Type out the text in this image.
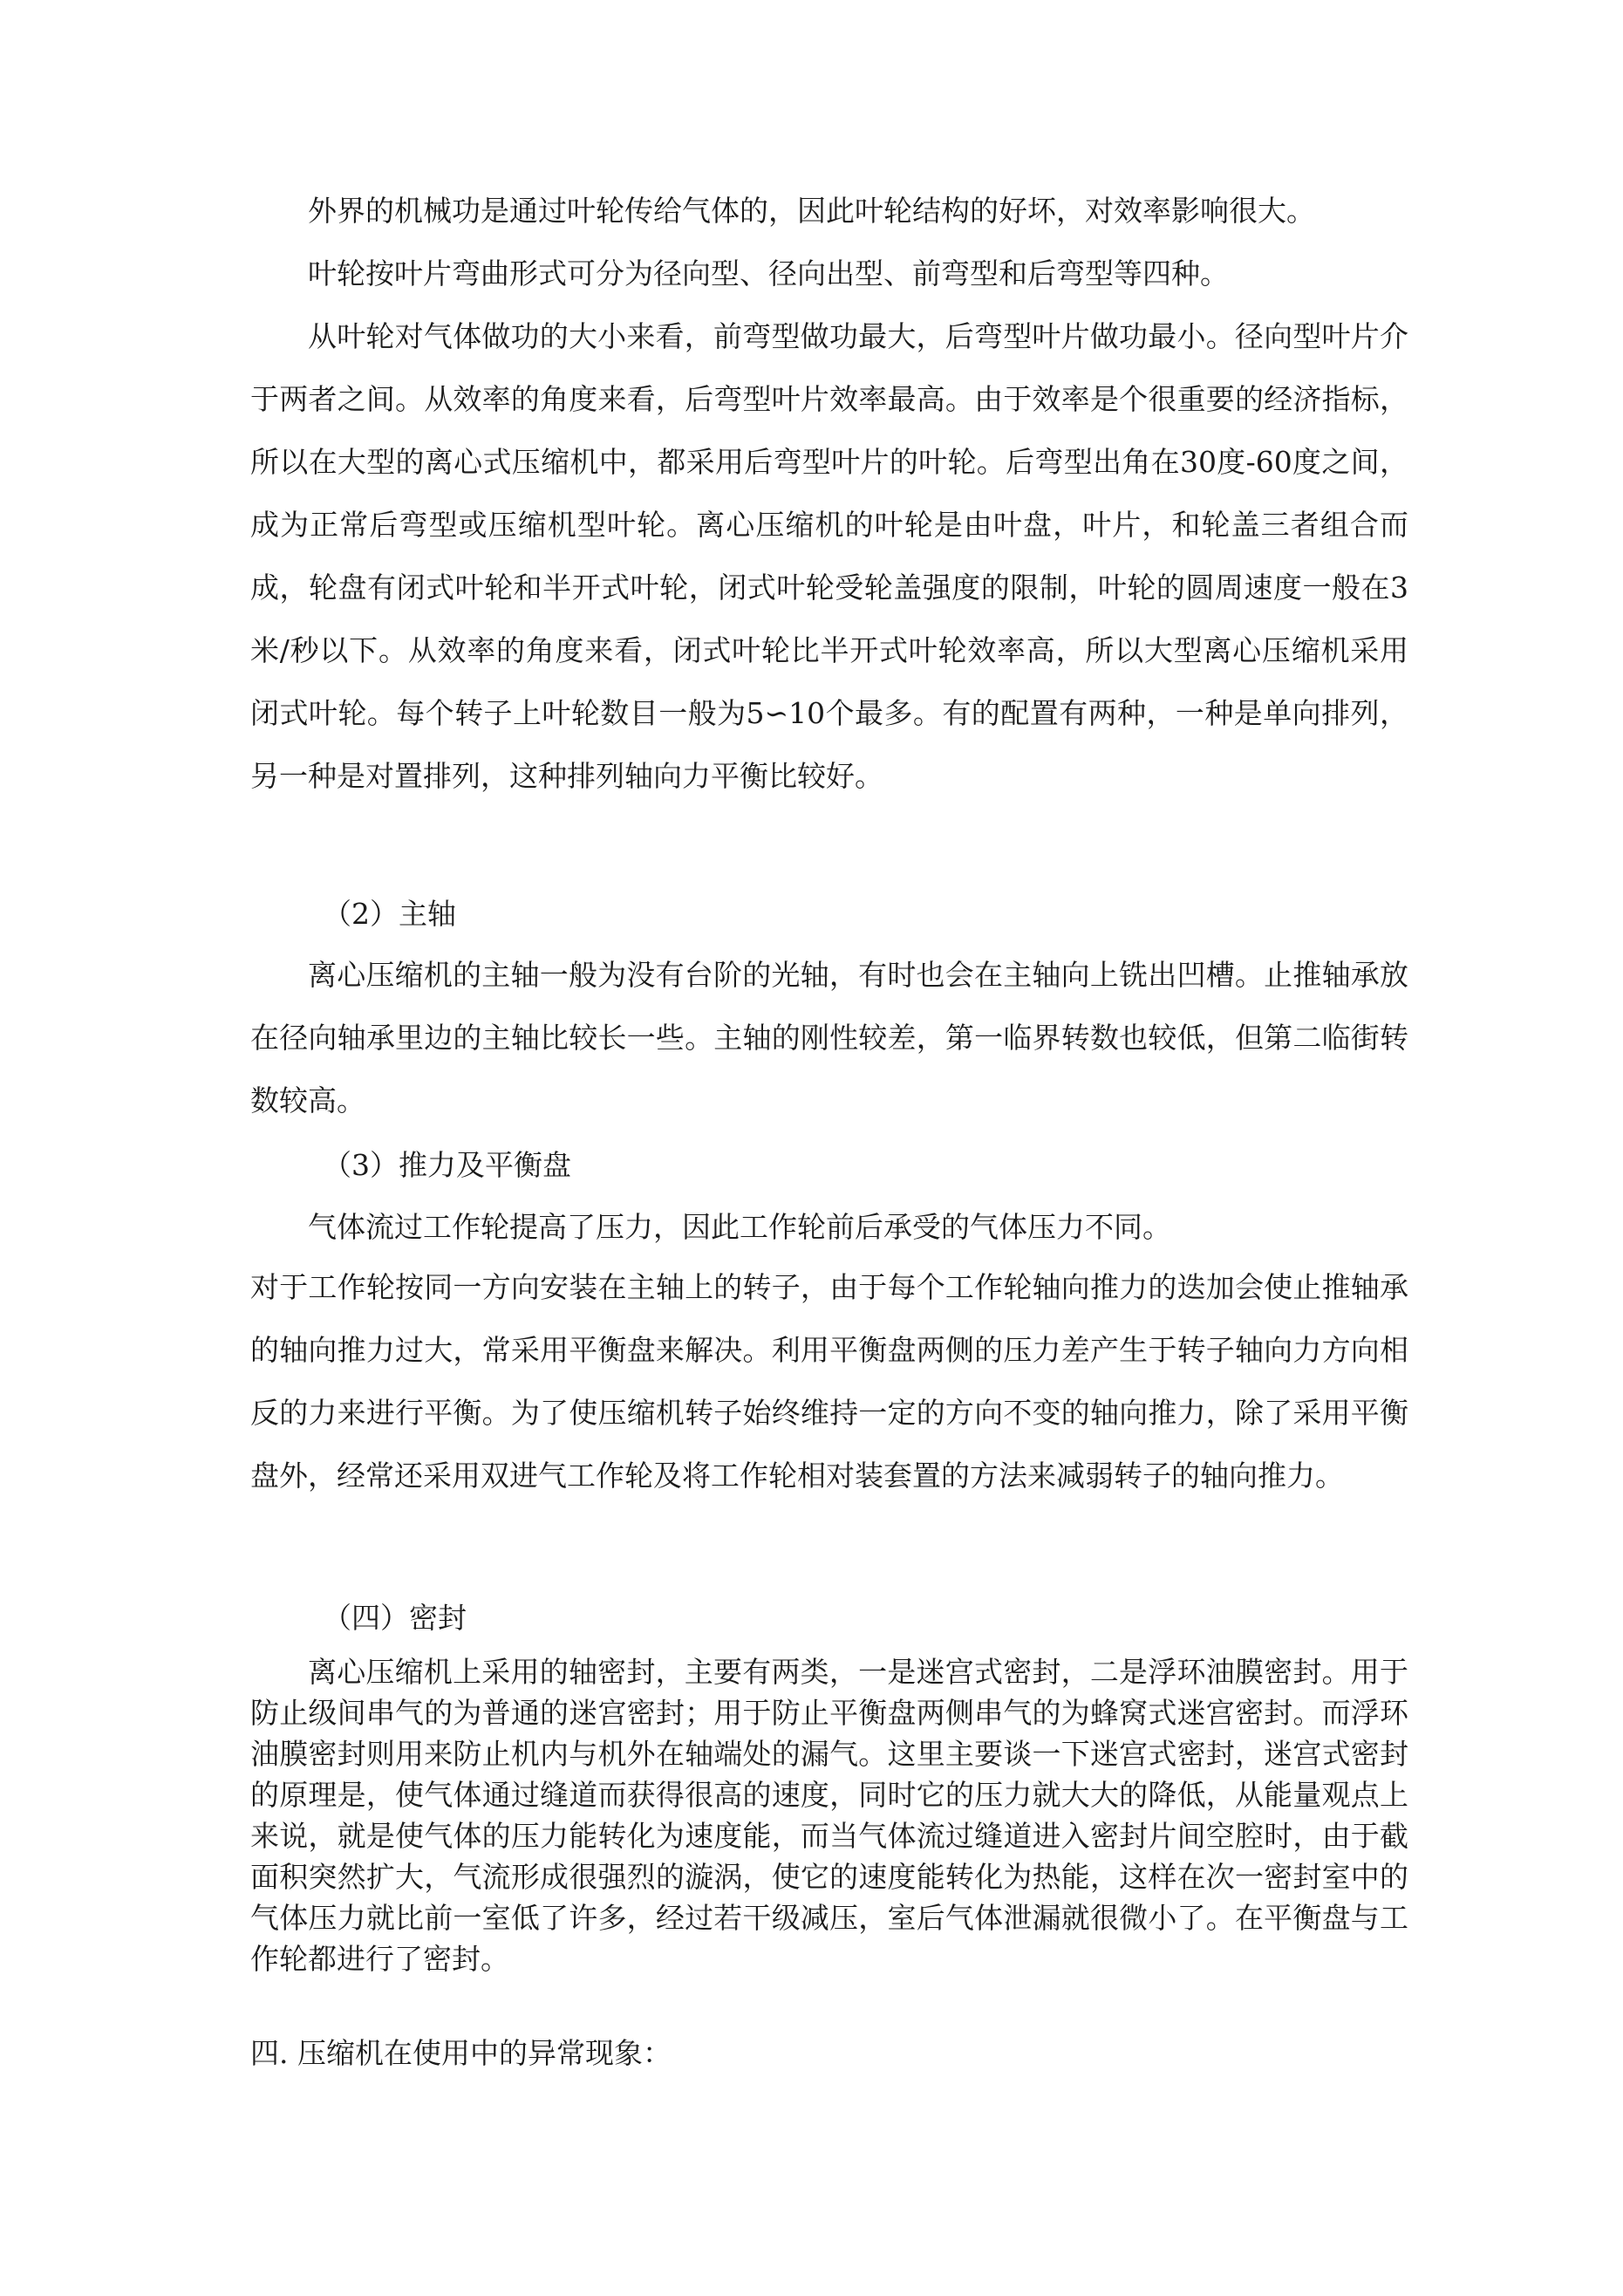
外界的机械功是通过叶轮传给气体的，因此叶轮结构的好坏，对效率影响很大。

叶轮按叶片弯曲形式可分为径向型、径向出型、前弯型和后弯型等四种。

从叶轮对气体做功的大小来看，前弯型做功最大，后弯型叶片做功最小。径向型叶片介于两者之间。从效率的角度来看，后弯型叶片效率最高。由于效率是个很重要的经济指标，所以在大型的离心式压缩机中，都采用后弯型叶片的叶轮。后弯型出角在30度-60度之间，成为正常后弯型或压缩机型叶轮。离心压缩机的叶轮是由叶盘，叶片，和轮盖三者组合而成，轮盘有闭式叶轮和半开式叶轮，闭式叶轮受轮盖强度的限制，叶轮的圆周速度一般在3米/秒以下。从效率的角度来看，闭式叶轮比半开式叶轮效率高，所以大型离心压缩机采用闭式叶轮。每个转子上叶轮数目一般为5∽10个最多。有的配置有两种，一种是单向排列，另一种是对置排列，这种排列轴向力平衡比较好。

（2）主轴

离心压缩机的主轴一般为没有台阶的光轴，有时也会在主轴向上铣出凹槽。止推轴承放在径向轴承里边的主轴比较长一些。主轴的刚性较差，第一临界转数也较低，但第二临街转数较高。

（3）推力及平衡盘

气体流过工作轮提高了压力，因此工作轮前后承受的气体压力不同。

对于工作轮按同一方向安装在主轴上的转子，由于每个工作轮轴向推力的迭加会使止推轴承的轴向推力过大，常采用平衡盘来解决。利用平衡盘两侧的压力差产生于转子轴向力方向相反的力来进行平衡。为了使压缩机转子始终维持一定的方向不变的轴向推力，除了采用平衡盘外，经常还采用双进气工作轮及将工作轮相对装套置的方法来减弱转子的轴向推力。

（四）密封

离心压缩机上采用的轴密封，主要有两类，一是迷宫式密封，二是浮环油膜密封。用于防止级间串气的为普通的迷宫密封；用于防止平衡盘两侧串气的为蜂窝式迷宫密封。而浮环油膜密封则用来防止机内与机外在轴端处的漏气。这里主要谈一下迷宫式密封，迷宫式密封的原理是，使气体通过缝道而获得很高的速度，同时它的压力就大大的降低，从能量观点上来说，就是使气体的压力能转化为速度能，而当气体流过缝道进入密封片间空腔时，由于截面积突然扩大，气流形成很强烈的漩涡，使它的速度能转化为热能，这样在次一密封室中的气体压力就比前一室低了许多，经过若干级减压，室后气体泄漏就很微小了。在平衡盘与工作轮都进行了密封。

四. 压缩机在使用中的异常现象：
